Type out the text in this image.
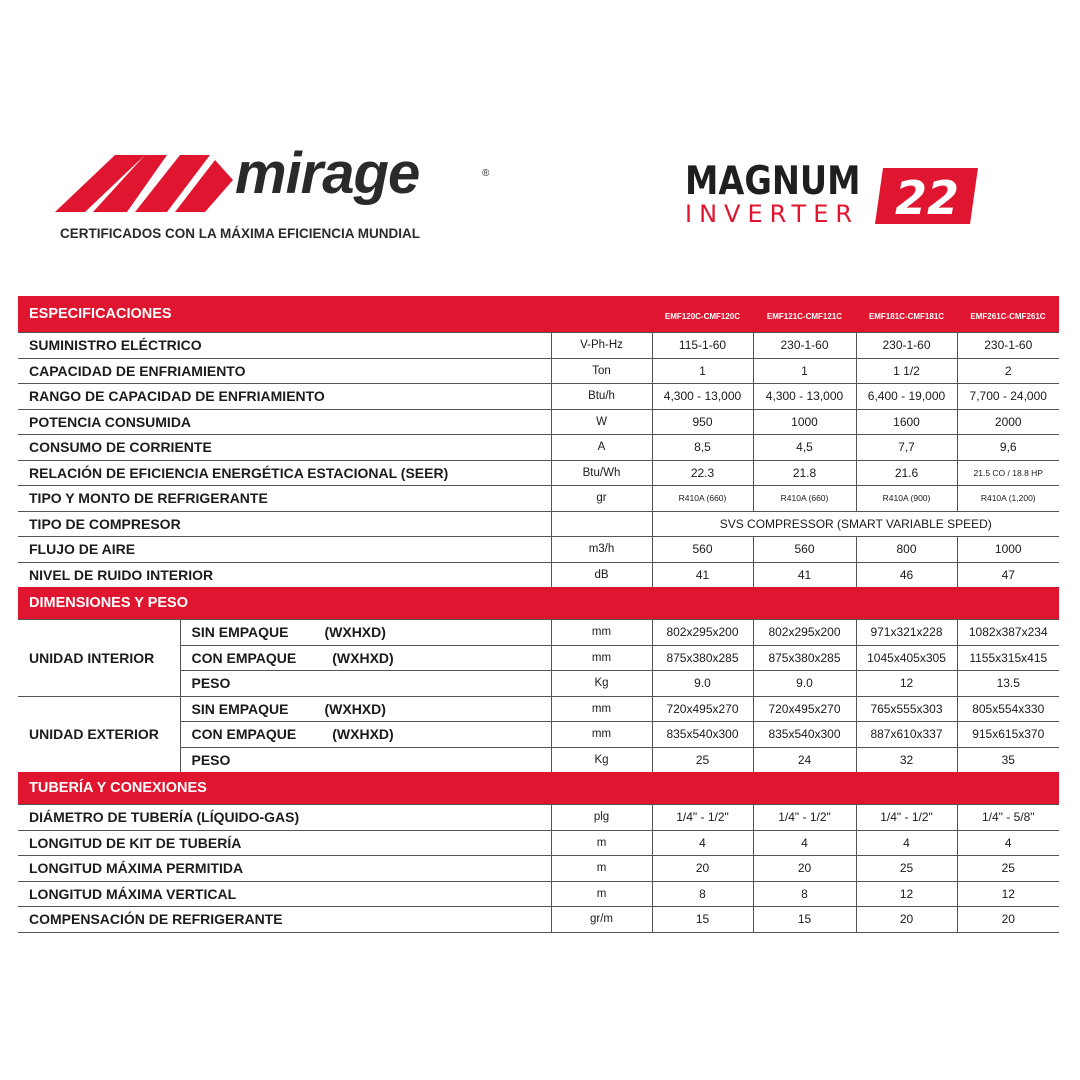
mirage	®
CERTIFICADOS CON LA MÁXIMA EFICIENCIA MUNDIAL
MAGNUM
INVERTER 22
ESPECIFICACIONES			EMF120C-CMF120C	EMF121C-CMF121C	EMF181C-CMF181C	EMF261C-CMF261C
SUMINISTRO ELÉCTRICO		V-Ph-Hz	115-1-60	230-1-60	230-1-60	230-1-60
CAPACIDAD DE ENFRIAMIENTO		Ton	1	1	1 1/2	2
RANGO DE CAPACIDAD DE ENFRIAMIENTO		Btu/h	4,300 - 13,000	4,300 - 13,000	6,400 - 19,000	7,700 - 24,000
POTENCIA CONSUMIDA		W	950	1000	1600	2000
CONSUMO DE CORRIENTE		A	8,5	4,5	7,7	9,6
RELACIÓN DE EFICIENCIA ENERGÉTICA ESTACIONAL (SEER)		Btu/Wh	22.3	21.8	21.6	21.5 CO / 18.8 HP
TIPO Y MONTO DE REFRIGERANTE		gr	R410A (660)	R410A (660)	R410A (900)	R410A (1,200)
TIPO DE COMPRESOR			SVS COMPRESSOR (SMART VARIABLE SPEED)			
FLUJO DE AIRE		m3/h	560	560	800	1000
NIVEL DE RUIDO INTERIOR		dB	41	41	46	47
DIMENSIONES Y PESO						
UNIDAD INTERIOR	SIN EMPAQUE (WXHXD)	mm	802x295x200	802x295x200	971x321x228	1082x387x234
	CON EMPAQUE (WXHXD)	mm	875x380x285	875x380x285	1045x405x305	1155x315x415
	PESO	Kg	9.0	9.0	12	13.5
UNIDAD EXTERIOR	SIN EMPAQUE (WXHXD)	mm	720x495x270	720x495x270	765x555x303	805x554x330
	CON EMPAQUE (WXHXD)	mm	835x540x300	835x540x300	887x610x337	915x615x370
	PESO	Kg	25	24	32	35
TUBERÍA Y CONEXIONES						
DIÁMETRO DE TUBERÍA (LÍQUIDO-GAS)		plg	1/4" - 1/2"	1/4" - 1/2"	1/4" - 1/2"	1/4" - 5/8"
LONGITUD DE KIT DE TUBERÍA		m	4	4	4	4
LONGITUD MÁXIMA PERMITIDA		m	20	20	25	25
LONGITUD MÁXIMA VERTICAL		m	8	8	12	12
COMPENSACIÓN DE REFRIGERANTE		gr/m	15	15	20	20
